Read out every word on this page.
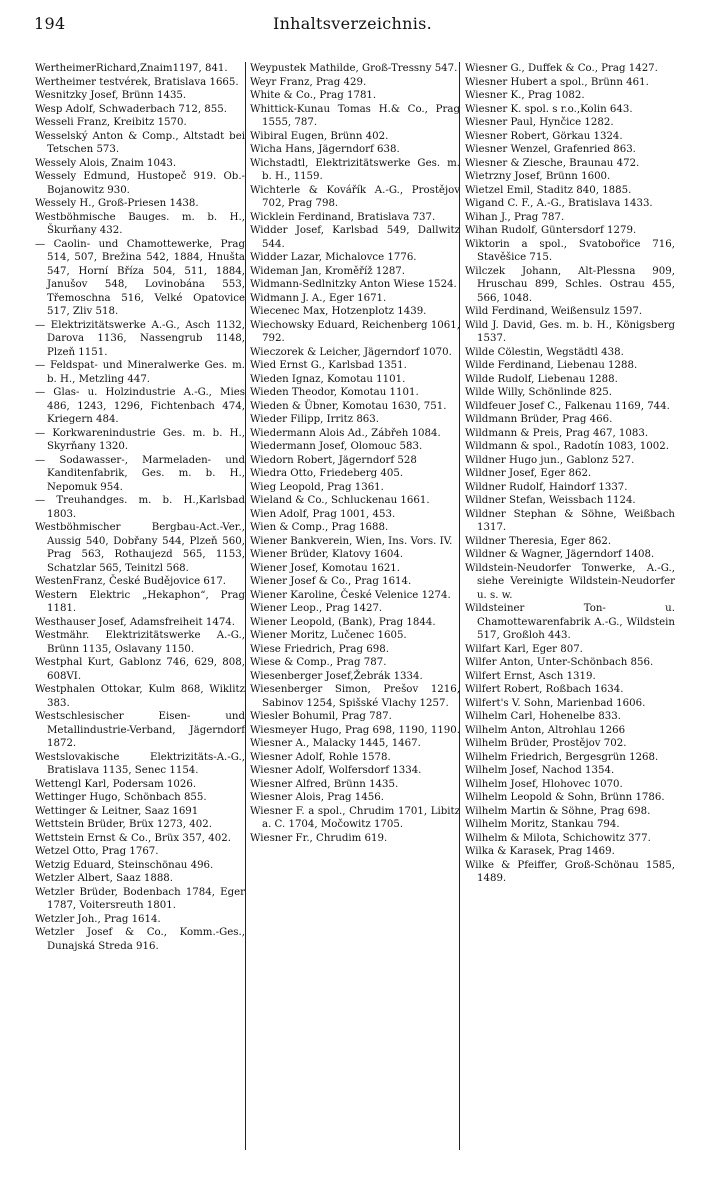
194	Inhaltsverzeichnis.

WertheimerRichard,Znaim1197, 841.

Wertheimer testvérek, Bratislava 1665.

Wesnitzky Josef, Brünn 1435.

Wesp Adolf, Schwaderbach 712, 855.

Wesseli Franz, Kreibitz 1570.

Wesselský Anton & Comp., Altstadt bei Tetschen 573.

Wessely Alois, Znaim 1043.

Wessely Edmund, Hustopeč 919. Ob.-Bojanowitz 930.

Wessely H., Groß-Priesen 1438.

Westböhmische Bauges. m. b. H., Škurňany 432.

— Caolin- und Chamottewerke, Prag 514, 507, Brežina 542, 1884, Hnušta 547, Horní Bříza 504, 511, 1884, Janušov 548, Lovinobána 553, Třemoschna 516, Velké Opatovice 517, Zliv 518.

— Elektrizitätswerke A.-G., Asch 1132, Darova 1136, Nassengrub 1148, Plzeň 1151.

— Feldspat- und Mineralwerke Ges. m. b. H., Metzling 447.

— Glas- u. Holzindustrie A.-G., Mies 486, 1243, 1296, Fichtenbach 474, Kriegern 484.

— Korkwarenindustrie Ges. m. b. H., Skyrňany 1320.

— Sodawasser-, Marmeladen- und Kanditenfabrik, Ges. m. b. H., Nepomuk 954.

— Treuhandges. m. b. H.,Karlsbad 1803.

Westböhmischer Bergbau-Act.-Ver., Aussig 540, Dobřany 544, Plzeň 560, Prag 563, Rothaujezd 565, 1153, Schatzlar 565, Teinitzl 568.

WestenFranz, České Budějovice 617.

Western Elektric „Hekaphon“, Prag 1181.

Westhauser Josef, Adamsfreiheit 1474.

Westmähr. Elektrizitätswerke A.-G., Brünn 1135, Oslavany 1150.

Westphal Kurt, Gablonz 746, 629, 808, 608VI.

Westphalen Ottokar, Kulm 868, Wiklitz 383.

Westschlesischer Eisen- und Metallindustrie-Verband, Jägerndorf 1872.

Westslovakische Elektrizitäts-A.-G., Bratislava 1135, Senec 1154.

Wettengl Karl, Podersam 1026.

Wettinger Hugo, Schönbach 855.

Wettinger & Leitner, Saaz 1691

Wettstein Brüder, Brüx 1273, 402.

Wettstein Ernst & Co., Brüx 357, 402.

Wetzel Otto, Prag 1767.

Wetzig Eduard, Steinschönau 496.

Wetzler Albert, Saaz 1888.

Wetzler Brüder, Bodenbach 1784, Eger 1787, Voitersreuth 1801.

Wetzler Joh., Prag 1614.

Wetzler Josef & Co., Komm.-Ges., Dunajská Streda 916.

Weypustek Mathilde, Groß-Tressny 547.

Weyr Franz, Prag 429.

White & Co., Prag 1781.

Whittick-Kunau Tomas H.& Co., Prag 1555, 787.

Wibiral Eugen, Brünn 402.

Wicha Hans, Jägerndorf 638.

Wichstadtl, Elektrizitätswerke Ges. m. b. H., 1159.

Wichterle & Kovářík A.-G., Prostějov 702, Prag 798.

Wicklein Ferdinand, Bratislava 737.

Widder Josef, Karlsbad 549, Dallwitz 544.

Widder Lazar, Michalovce 1776.

Wideman Jan, Kroměříž 1287.

Widmann-Sedlnitzky Anton Wiese 1524.

Widmann J. A., Eger 1671.

Wiecenec Max, Hotzenplotz 1439.

Wiechowsky Eduard, Reichenberg 1061, 792.

Wieczorek & Leicher, Jägerndorf 1070.

Wied Ernst G., Karlsbad 1351.

Wieden Ignaz, Komotau 1101.

Wieden Theodor, Komotau 1101.

Wieden & Übner, Komotau 1630, 751.

Wieder Filipp, Irritz 863.

Wiedermann Alois Ad., Zábřeh 1084.

Wiedermann Josef, Olomouc 583.

Wiedorn Robert, Jägerndorf 528

Wiedra Otto, Friedeberg 405.

Wieg Leopold, Prag 1361.

Wieland & Co., Schluckenau 1661.

Wien Adolf, Prag 1001, 453.

Wien & Comp., Prag 1688.

Wiener Bankverein, Wien, Ins. Vors. IV.

Wiener Brüder, Klatovy 1604.

Wiener Josef, Komotau 1621.

Wiener Josef & Co., Prag 1614.

Wiener Karoline, České Velenice 1274.

Wiener Leop., Prag 1427.

Wiener Leopold, (Bank), Prag 1844.

Wiener Moritz, Lučenec 1605.

Wiese Friedrich, Prag 698.

Wiese & Comp., Prag 787.

Wiesenberger Josef,Žebrák 1334.

Wiesenberger Simon, Prešov 1216, Sabinov 1254, Spišské Vlachy 1257.

Wiesler Bohumil, Prag 787.

Wiesmeyer Hugo, Prag 698, 1190, 1190.

Wiesner A., Malacky 1445, 1467.

Wiesner Adolf, Rohle 1578.

Wiesner Adolf, Wolfersdorf 1334.

Wiesner Alfred, Brünn 1435.

Wiesner Alois, Prag 1456.

Wiesner F. a spol., Chrudim 1701, Libitz a. C. 1704, Močowitz 1705.

Wiesner Fr., Chrudim 619.

Wiesner G., Duffek & Co., Prag 1427.

Wiesner Hubert a spol., Brünn 461.

Wiesner K., Prag 1082.

Wiesner K. spol. s r.o.,Kolin 643.

Wiesner Paul, Hynčice 1282.

Wiesner Robert, Görkau 1324.

Wiesner Wenzel, Grafenried 863.

Wiesner & Ziesche, Braunau 472.

Wietrzny Josef, Brünn 1600.

Wietzel Emil, Staditz 840, 1885.

Wigand C. F., A.-G., Bratislava 1433.

Wihan J., Prag 787.

Wihan Rudolf, Güntersdorf 1279.

Wiktorin a spol., Svatobořice 716, Stavěšice 715.

Wilczek Johann, Alt-Plessna 909, Hruschau 899, Schles. Ostrau 455, 566, 1048.

Wild Ferdinand, Weißensulz 1597.

Wild J. David, Ges. m. b. H., Königsberg 1537.

Wilde Cölestin, Wegstädtl 438.

Wilde Ferdinand, Liebenau 1288.

Wilde Rudolf, Liebenau 1288.

Wilde Willy, Schönlinde 825.

Wildfeuer Josef C., Falkenau 1169, 744.

Wildmann Brüder, Prag 466.

Wildmann & Preis, Prag 467, 1083.

Wildmann & spol., Radotín 1083, 1002.

Wildner Hugo jun., Gablonz 527.

Wildner Josef, Eger 862.

Wildner Rudolf, Haindorf 1337.

Wildner Stefan, Weissbach 1124.

Wildner Stephan & Söhne, Weißbach 1317.

Wildner Theresia, Eger 862.

Wildner & Wagner, Jägerndorf 1408.

Wildstein-Neudorfer Tonwerke, A.-G., siehe Vereinigte Wildstein-Neudorfer u. s. w.

Wildsteiner Ton- u. Chamottewarenfabrik A.-G., Wildstein 517, Großloh 443.

Wilfart Karl, Eger 807.

Wilfer Anton, Unter-Schönbach 856.

Wilfert Ernst, Asch 1319.

Wilfert Robert, Roßbach 1634.

Wilfert's V. Sohn, Marienbad 1606.

Wilhelm Carl, Hohenelbe 833.

Wilhelm Anton, Altrohlau 1266

Wilhelm Brüder, Prostějov 702.

Wilhelm Friedrich, Bergesgrün 1268.

Wilhelm Josef, Nachod 1354.

Wilhelm Josef, Hlohovec 1070.

Wilhelm Leopold & Sohn, Brünn 1786.

Wilhelm Martin & Söhne, Prag 698.

Wilhelm Moritz, Stankau 794.

Wilhelm & Milota, Schichowitz 377.

Wilka & Karasek, Prag 1469.

Wilke & Pfeiffer, Groß-Schönau 1585, 1489.
